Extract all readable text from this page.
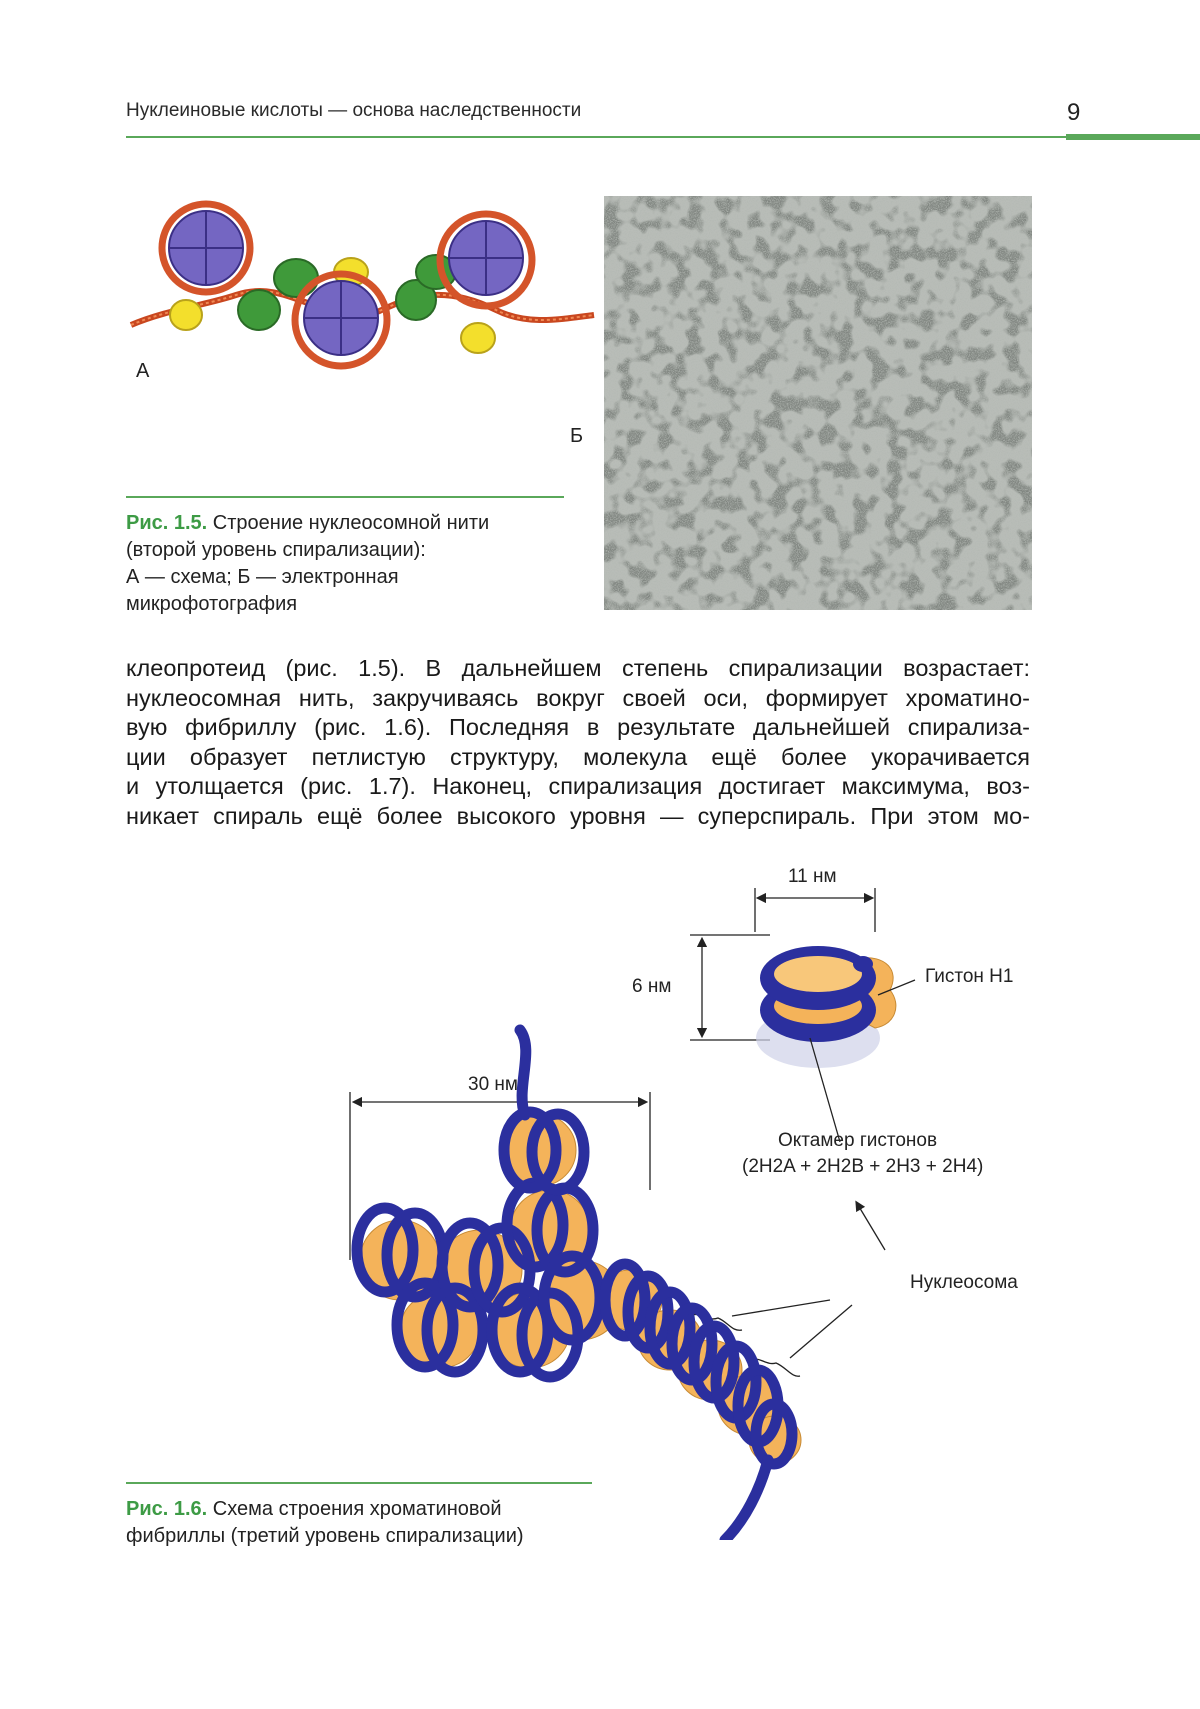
Нуклеиновые кислоты — основа наследственности	9
А
Б
Рис. 1.5. Строение нуклеосомной нити
(второй уровень спирализации):
А — схема; Б — электронная
микрофотография
клеопротеид (рис. 1.5). В дальнейшем степень спирализации возрастает:
нуклеосомная нить, закручиваясь вокруг своей оси, формирует хроматино-
вую фибриллу (рис. 1.6). Последняя в результате дальнейшей спирализа-
ции образует петлистую структуру, молекула ещё более укорачивается
и утолщается (рис. 1.7). Наконец, спирализация достигает максимума, воз-
никает спираль ещё более высокого уровня — суперспираль. При этом мо-
11 нм
6 нм	Гистон H1
30 нм
Октамер гистонов
(2H2A + 2H2B + 2H3 + 2H4)
Нуклеосома
Рис. 1.6. Схема строения хроматиновой
фибриллы (третий уровень спирализации)
